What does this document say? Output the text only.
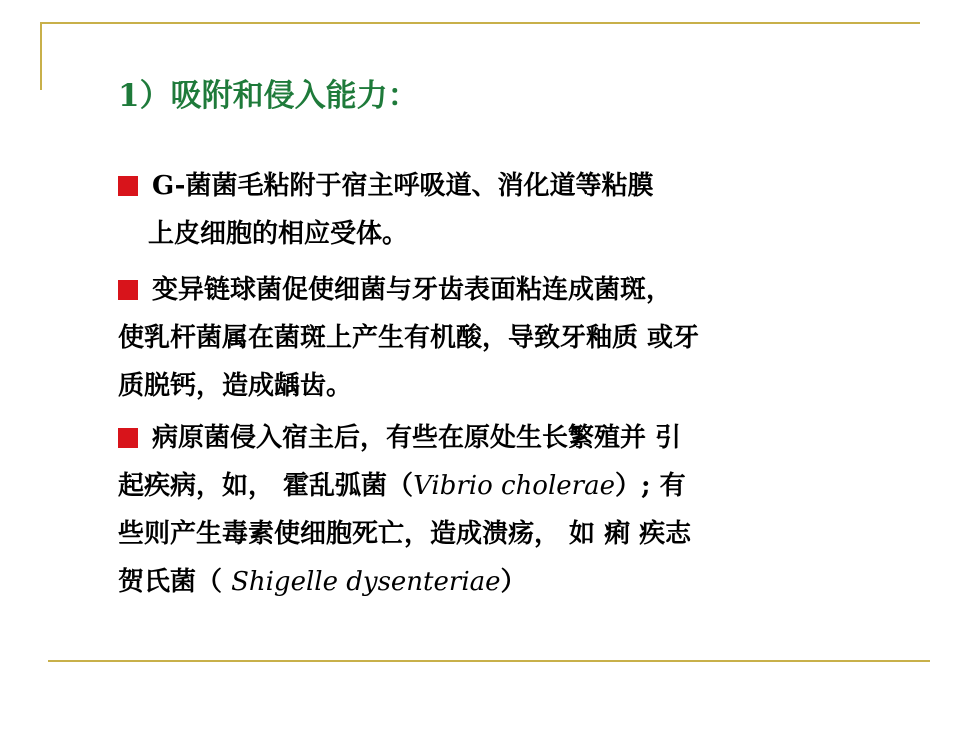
1）吸附和侵入能力：
G-菌菌毛粘附于宿主呼吸道、消化道等粘膜
上皮细胞的相应受体。
变异链球菌促使细菌与牙齿表面粘连成菌斑，
使乳杆菌属在菌斑上产生有机酸，导致牙釉质 或牙
质脱钙，造成龋齿。
病原菌侵入宿主后，有些在原处生长繁殖并 引
起疾病，如， 霍乱弧菌（Vibrio cholerae）; 有
些则产生毒素使细胞死亡，造成溃疡， 如 痢 疾志
贺氏菌（ Shigelle dysenteriae）
